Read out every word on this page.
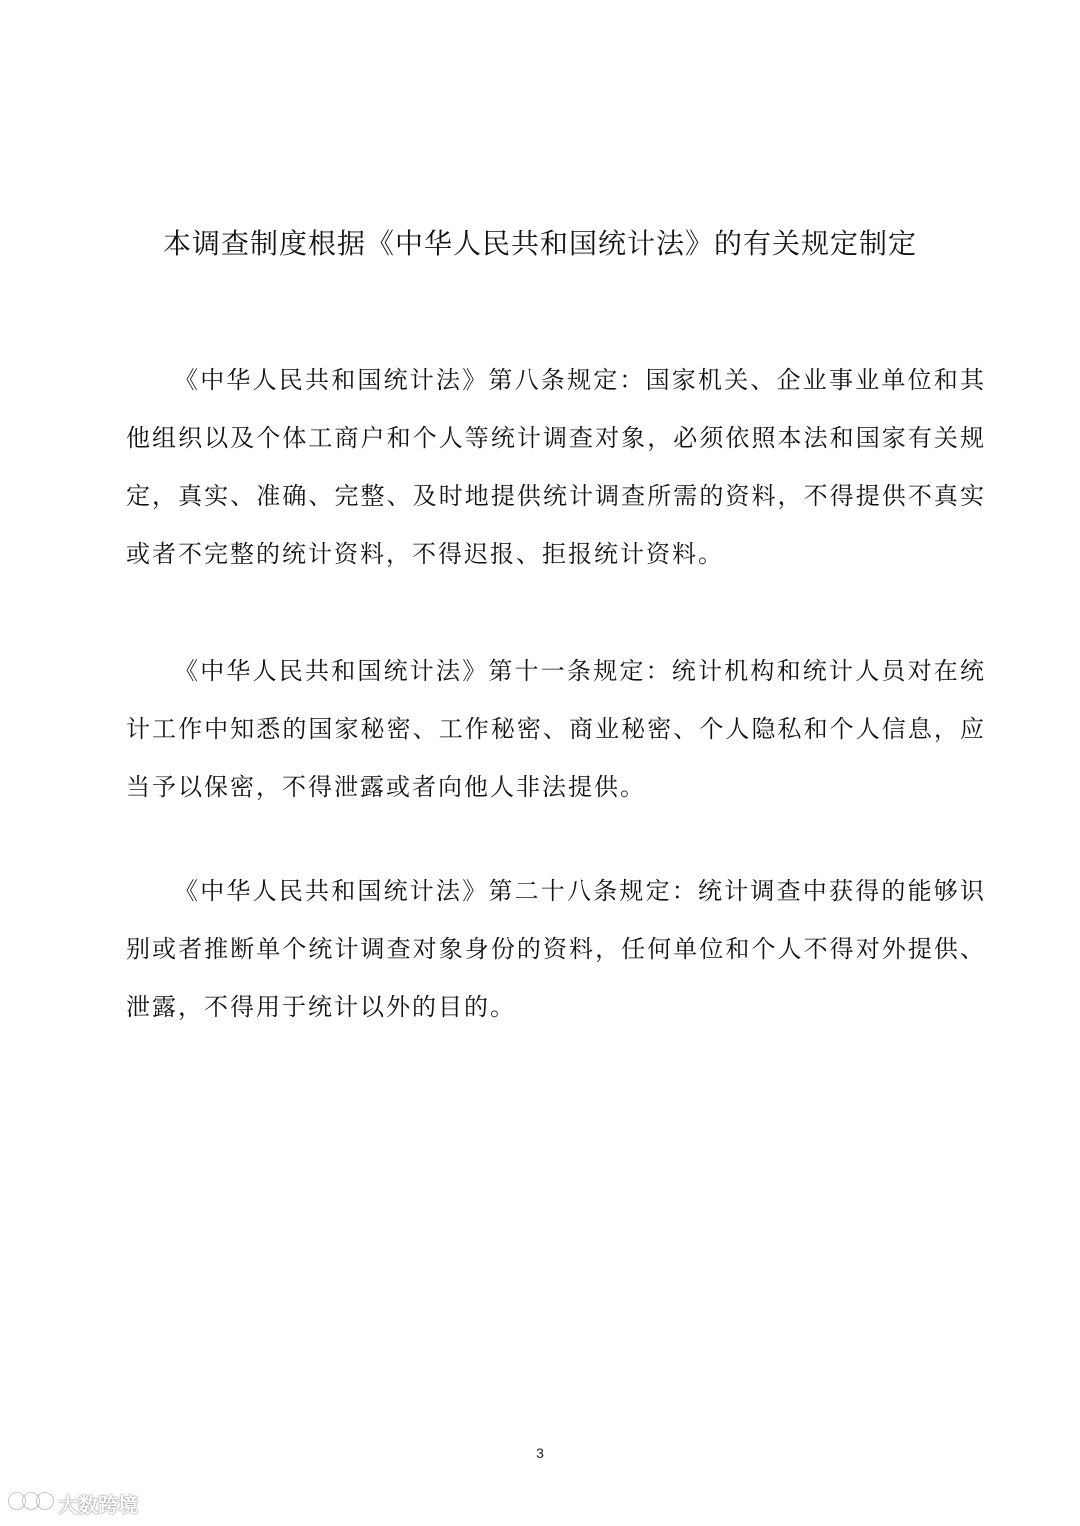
本调查制度根据《中华人民共和国统计法》的有关规定制定

《中华人民共和国统计法》第八条规定：国家机关、企业事业单位和其他组织以及个体工商户和个人等统计调查对象，必须依照本法和国家有关规定，真实、准确、完整、及时地提供统计调查所需的资料，不得提供不真实或者不完整的统计资料，不得迟报、拒报统计资料。

《中华人民共和国统计法》第十一条规定：统计机构和统计人员对在统计工作中知悉的国家秘密、工作秘密、商业秘密、个人隐私和个人信息，应当予以保密，不得泄露或者向他人非法提供。

《中华人民共和国统计法》第二十八条规定：统计调查中获得的能够识别或者推断单个统计调查对象身份的资料，任何单位和个人不得对外提供、泄露，不得用于统计以外的目的。

3
大数跨境
